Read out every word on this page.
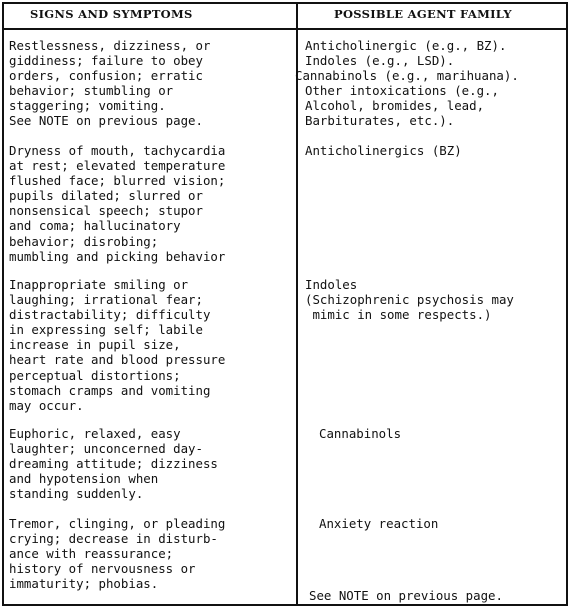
SIGNS AND SYMPTOMS	POSSIBLE AGENT FAMILY
Restlessness, dizziness, or
giddiness; failure to obey
orders, confusion; erratic
behavior; stumbling or
staggering; vomiting.
See NOTE on previous page.
Anticholinergic (e.g., BZ).
Indoles (e.g., LSD).
Cannabinols (e.g., marihuana).
Other intoxications (e.g.,
Alcohol, bromides, lead,
Barbiturates, etc.).
Dryness of mouth, tachycardia
at rest; elevated temperature
flushed face; blurred vision;
pupils dilated; slurred or
nonsensical speech; stupor
and coma; hallucinatory
behavior; disrobing;
mumbling and picking behavior
Anticholinergics (BZ)
Inappropriate smiling or
laughing; irrational fear;
distractability; difficulty
in expressing self; labile
increase in pupil size,
heart rate and blood pressure
perceptual distortions;
stomach cramps and vomiting
may occur.
Indoles
(Schizophrenic psychosis may
mimic in some respects.)
Euphoric, relaxed, easy
laughter; unconcerned day-
dreaming attitude; dizziness
and hypotension when
standing suddenly.
Cannabinols
Tremor, clinging, or pleading
crying; decrease in disturb-
ance with reassurance;
history of nervousness or
immaturity; phobias.
Anxiety reaction
See NOTE on previous page.
